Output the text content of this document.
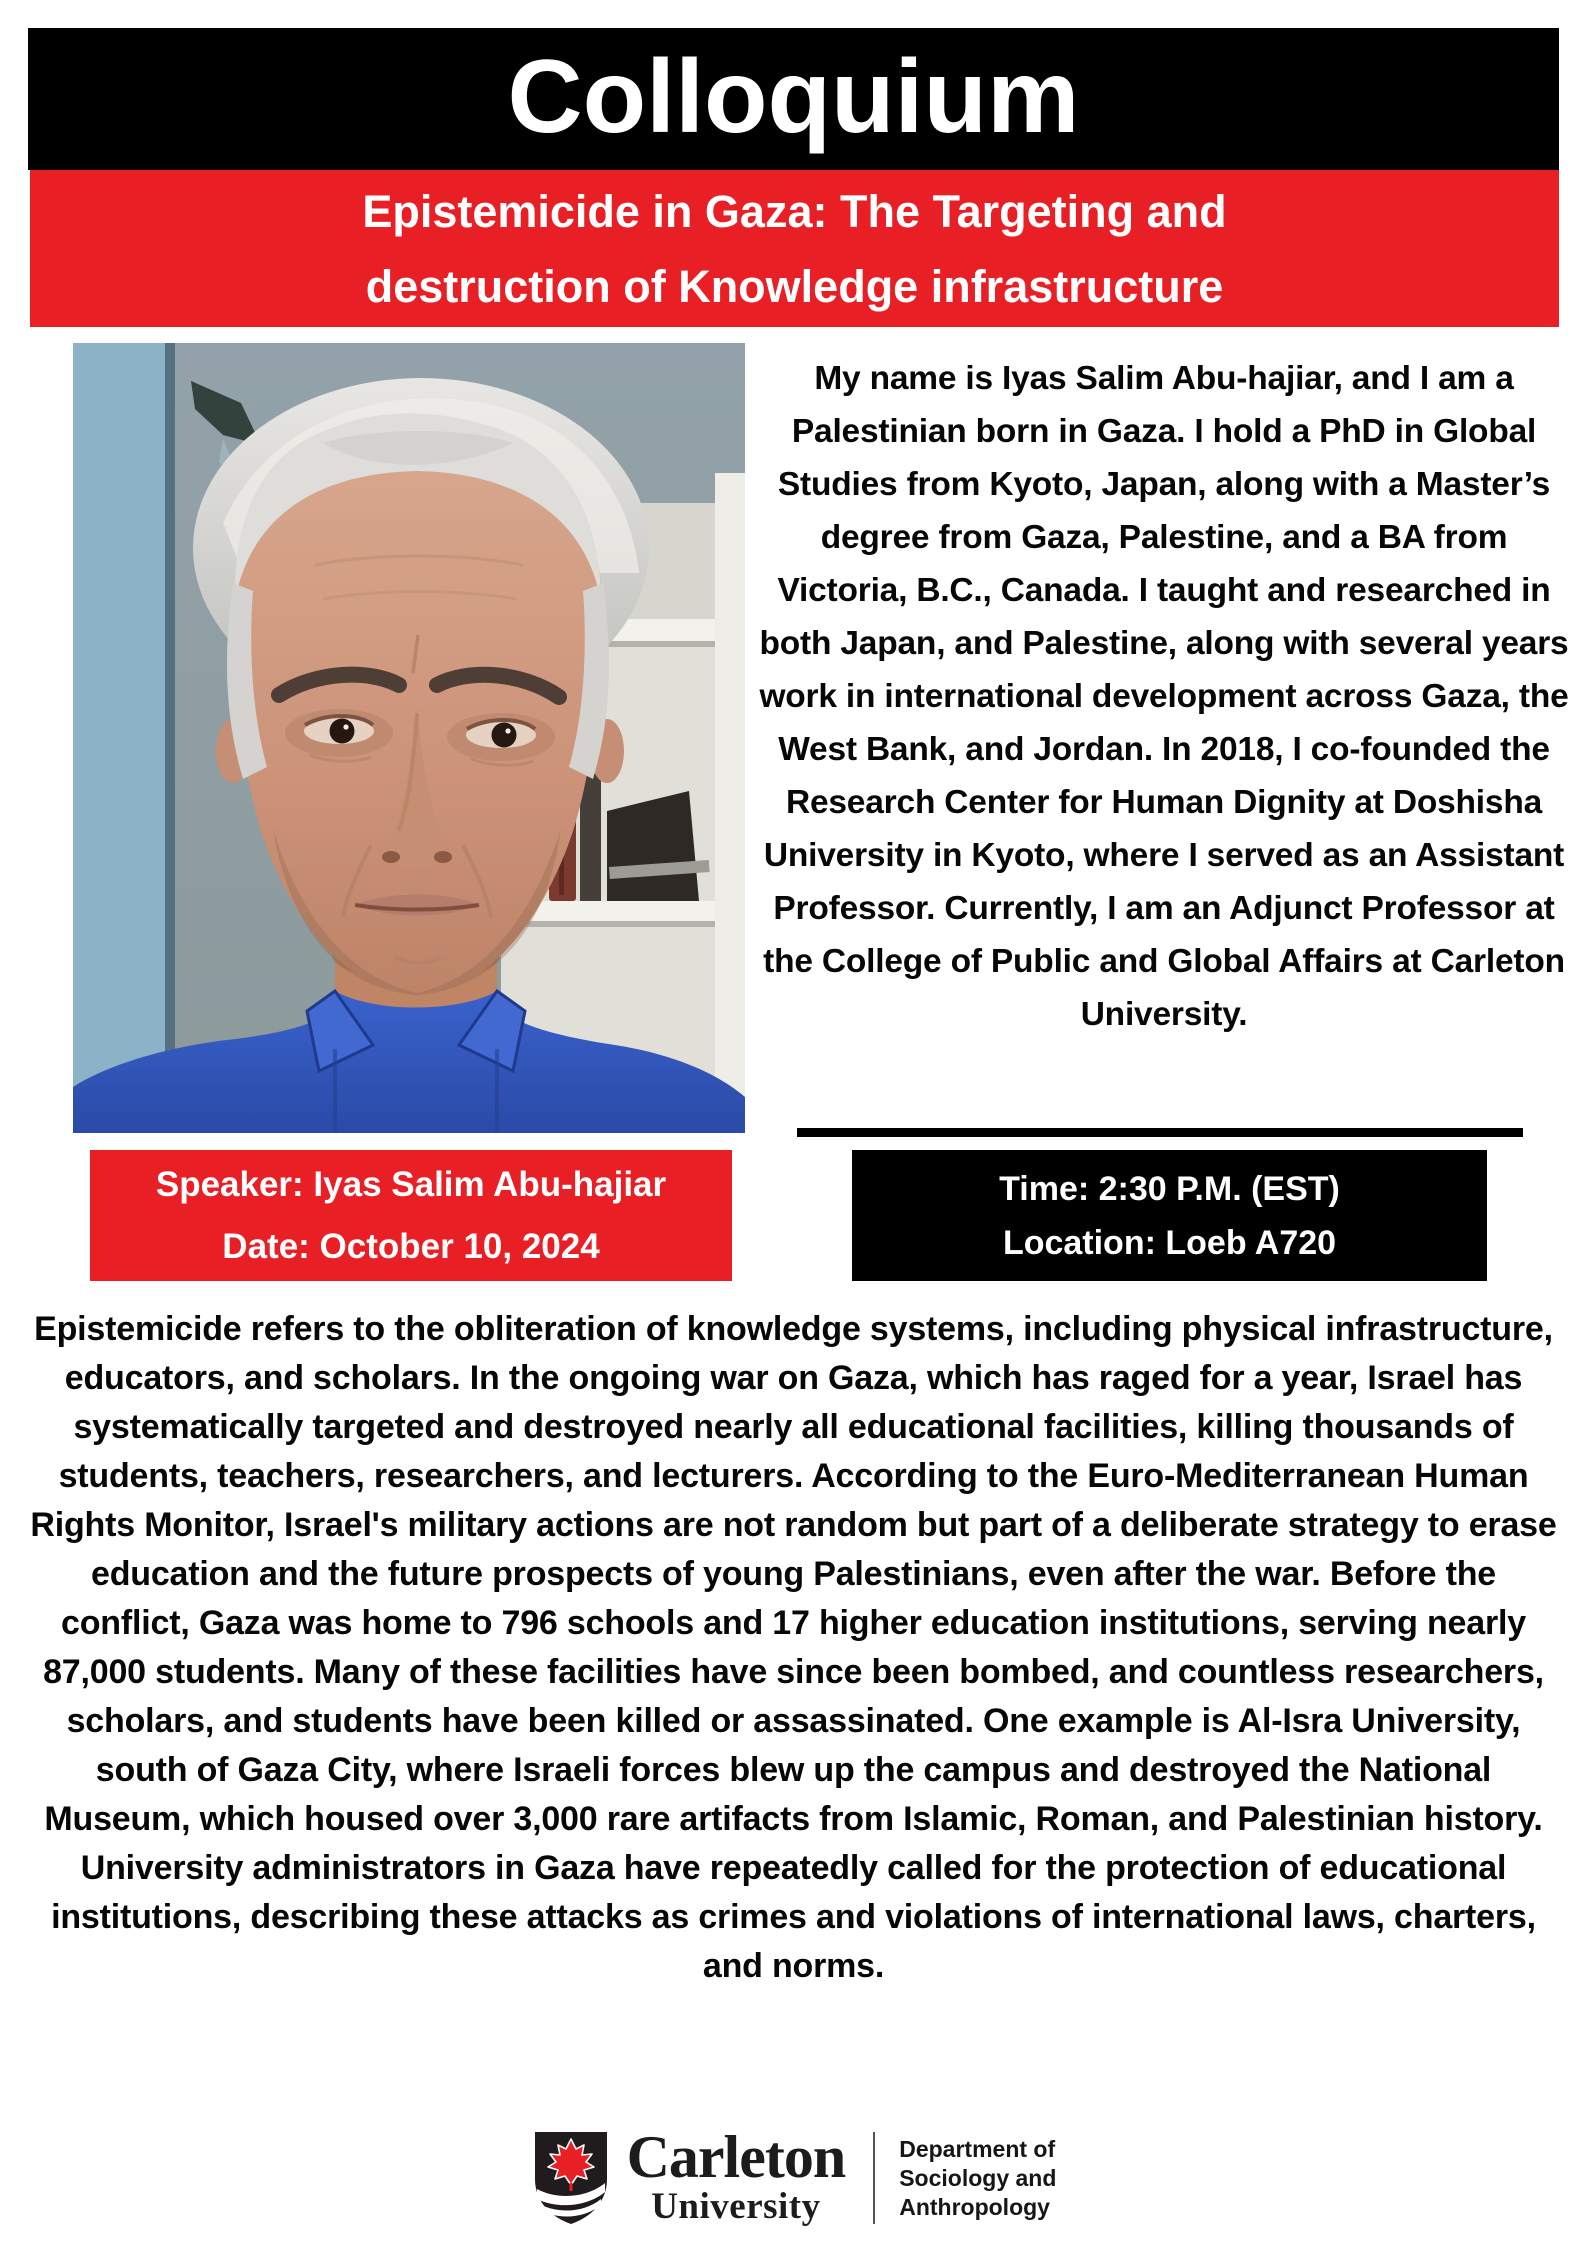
Colloquium
Epistemicide in Gaza: The Targeting and
destruction of Knowledge infrastructure
My name is Iyas Salim Abu-hajiar, and I am a Palestinian born in Gaza. I hold a PhD in Global Studies from Kyoto, Japan, along with a Master’s degree from Gaza, Palestine, and a BA from Victoria, B.C., Canada. I taught and researched in both Japan, and Palestine, along with several years work in international development across Gaza, the West Bank, and Jordan. In 2018, I co-founded the Research Center for Human Dignity at Doshisha University in Kyoto, where I served as an Assistant Professor. Currently, I am an Adjunct Professor at the College of Public and Global Affairs at Carleton University.
Speaker: Iyas Salim Abu-hajiar
Date: October 10, 2024
Time: 2:30 P.M. (EST)
Location: Loeb A720
Epistemicide refers to the obliteration of knowledge systems, including physical infrastructure, educators, and scholars. In the ongoing war on Gaza, which has raged for a year, Israel has systematically targeted and destroyed nearly all educational facilities, killing thousands of students, teachers, researchers, and lecturers. According to the Euro-Mediterranean Human Rights Monitor, Israel's military actions are not random but part of a deliberate strategy to erase education and the future prospects of young Palestinians, even after the war. Before the conflict, Gaza was home to 796 schools and 17 higher education institutions, serving nearly 87,000 students. Many of these facilities have since been bombed, and countless researchers, scholars, and students have been killed or assassinated. One example is Al-Isra University, south of Gaza City, where Israeli forces blew up the campus and destroyed the National Museum, which housed over 3,000 rare artifacts from Islamic, Roman, and Palestinian history. University administrators in Gaza have repeatedly called for the protection of educational institutions, describing these attacks as crimes and violations of international laws, charters, and norms.
Carleton
University
Department of
Sociology and
Anthropology
